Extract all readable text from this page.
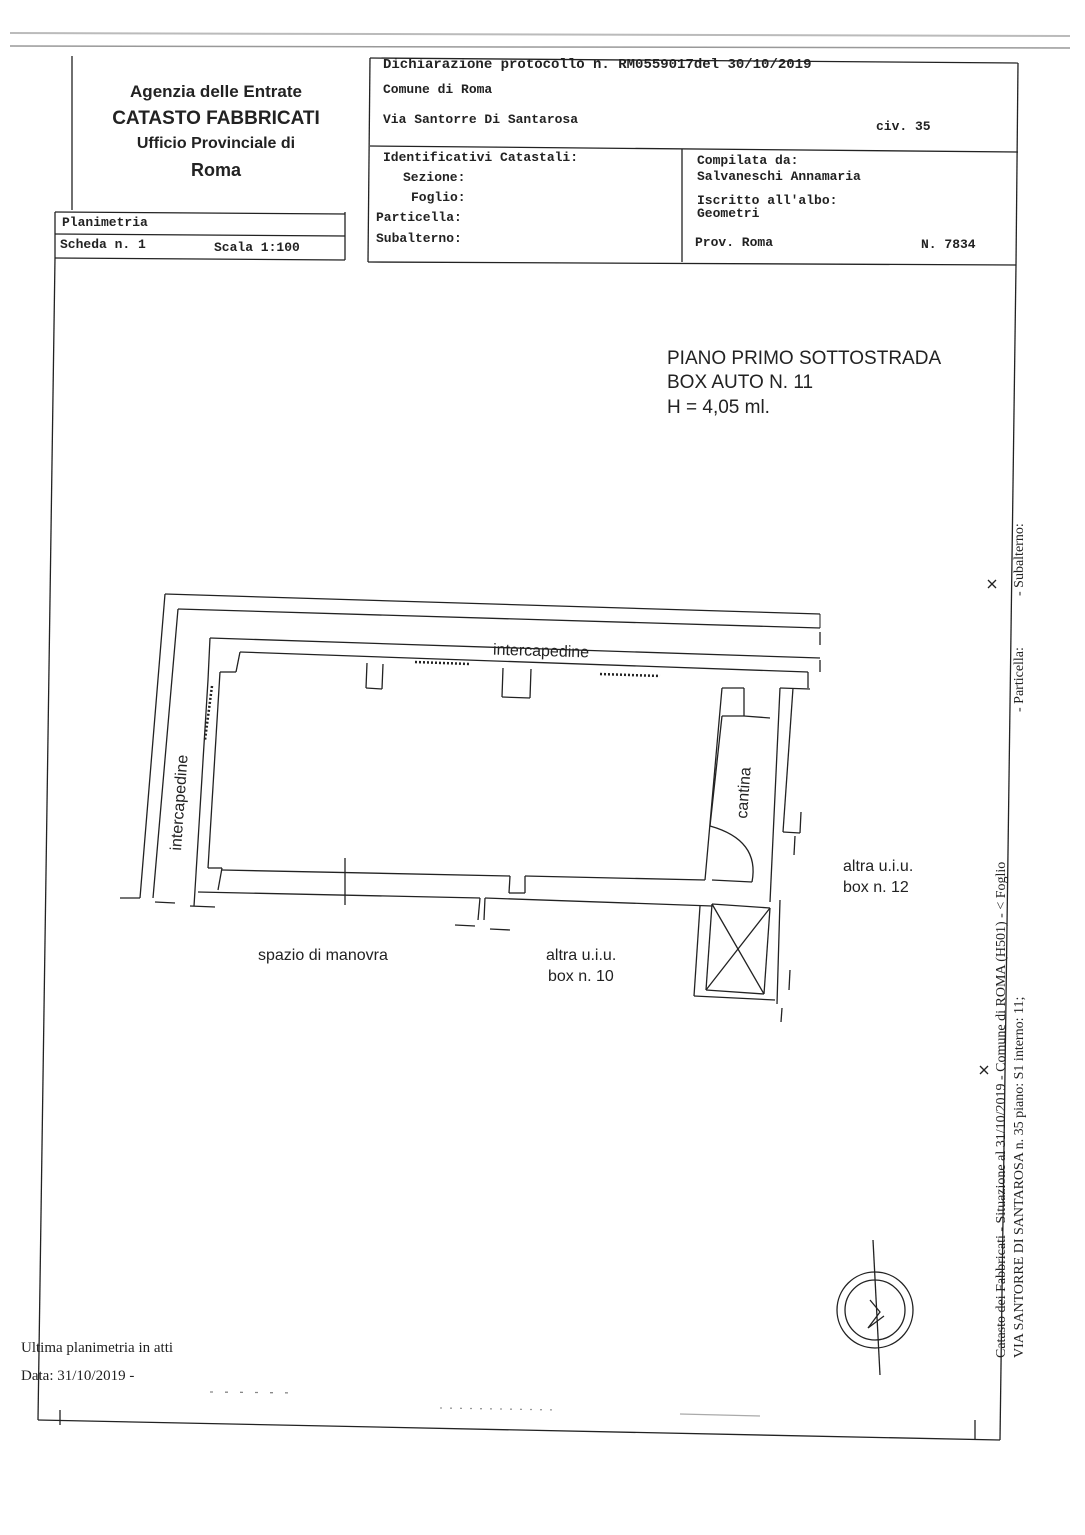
Agenzia delle Entrate
CATASTO FABBRICATI
Ufficio Provinciale di
Roma
Planimetria
Scheda n. 1	Scala 1:100
Dichiarazione protocollo n. RM0559017del 30/10/2019
Comune di Roma
Via Santorre Di Santarosa	civ. 35
Identificativi Catastali:
Sezione:
Foglio:
Particella:
Subalterno:
Compilata da:
Salvaneschi Annamaria
Iscritto all'albo:
Geometri
Prov. Roma	N. 7834
PIANO PRIMO SOTTOSTRADA
BOX AUTO N. 11
H = 4,05 ml.
intercapedine
intercapedine	cantina
altra u.i.u.
box n. 12
spazio di manovra	altra u.i.u.
box n. 10
Ultima planimetria in atti
Data: 31/10/2019 -
Catasto dei Fabbricati - Situazione al 31/10/2019 - Comune di ROMA (H501) - < Foglio VIA SANTORRE DI SANTAROSA n. 35 piano: S1 interno: 11;
- Particella:
- Subalterno:
